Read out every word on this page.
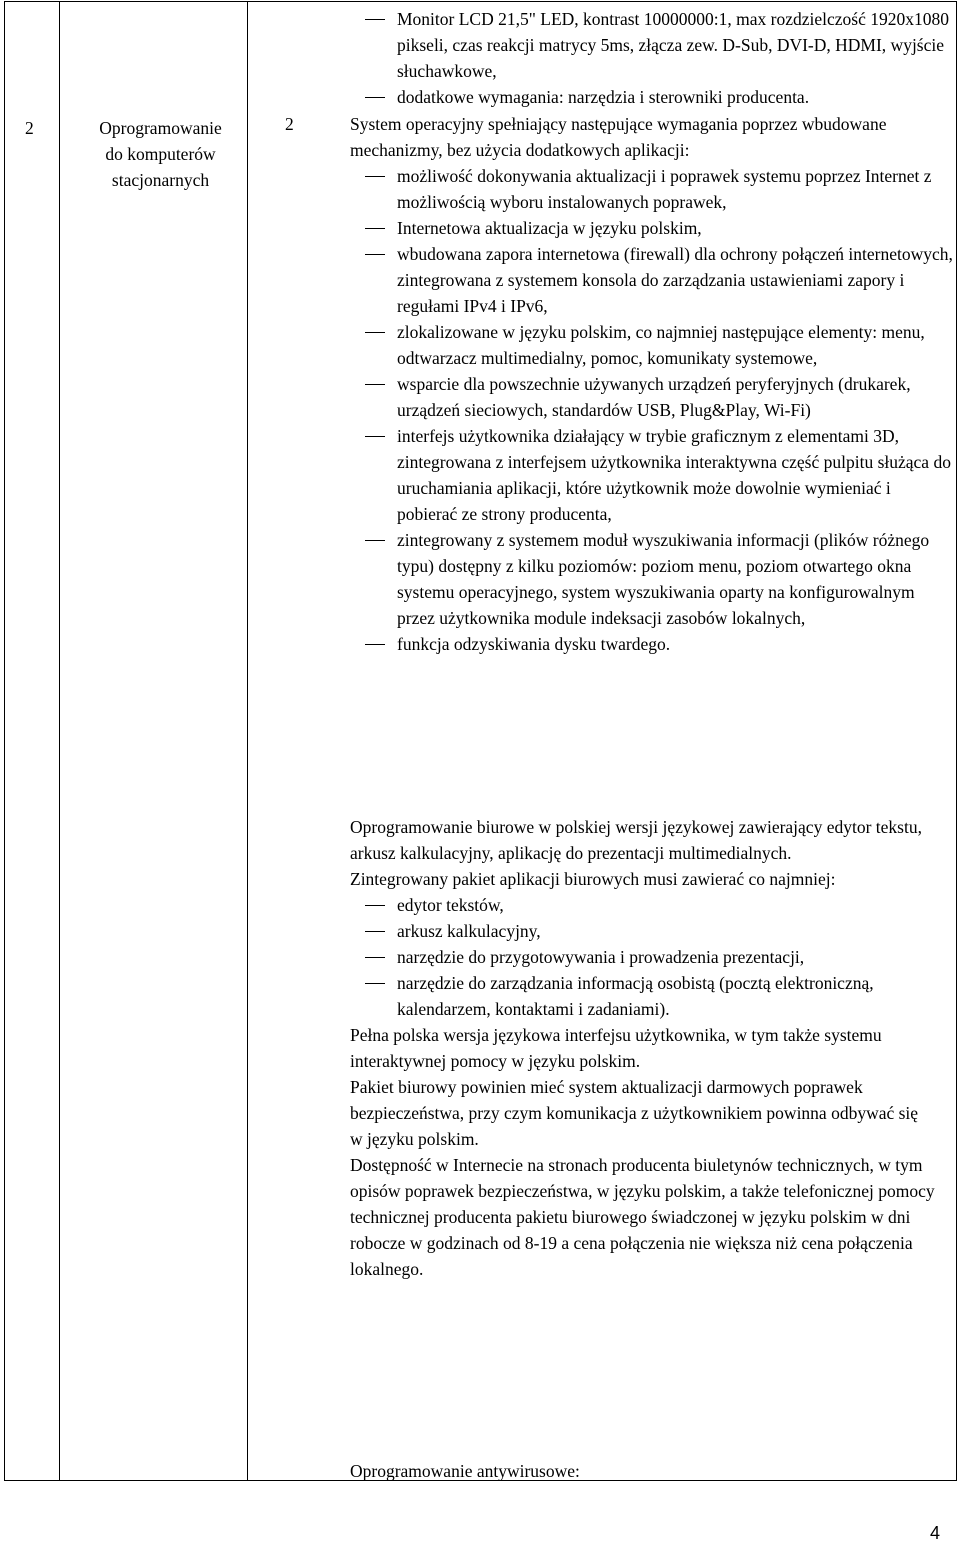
2	Oprogramowanie
do komputerów
stacjonarnych
Monitor LCD 21,5" LED, kontrast 10000000:1, max rozdzielczość 1920x1080 pikseli, czas reakcji matrycy 5ms, złącza zew. D-Sub, DVI-D, HDMI, wyjście słuchawkowe,
dodatkowe wymagania: narzędzia i sterowniki producenta.
2	System operacyjny spełniający następujące wymagania poprzez wbudowane mechanizmy, bez użycia dodatkowych aplikacji:

możliwość dokonywania aktualizacji i poprawek systemu poprzez Internet z możliwością wyboru instalowanych poprawek,
Internetowa aktualizacja w języku polskim,
wbudowana zapora internetowa (firewall) dla ochrony połączeń internetowych, zintegrowana z systemem konsola do zarządzania ustawieniami zapory i regułami IPv4 i IPv6,
zlokalizowane w języku polskim, co najmniej następujące elementy: menu, odtwarzacz multimedialny, pomoc, komunikaty systemowe,
wsparcie dla powszechnie używanych urządzeń peryferyjnych (drukarek, urządzeń sieciowych, standardów USB, Plug&Play, Wi-Fi)
interfejs użytkownika działający w trybie graficznym z elementami 3D, zintegrowana z interfejsem użytkownika interaktywna część pulpitu służąca do uruchamiania aplikacji, które użytkownik może dowolnie wymieniać i pobierać ze strony producenta,
zintegrowany z systemem moduł wyszukiwania informacji (plików różnego typu) dostępny z kilku poziomów: poziom menu, poziom otwartego okna systemu operacyjnego, system wyszukiwania oparty na konfigurowalnym przez użytkownika module indeksacji zasobów lokalnych,
funkcja odzyskiwania dysku twardego.

Oprogramowanie biurowe w polskiej wersji językowej zawierający edytor tekstu, arkusz kalkulacyjny, aplikację do prezentacji multimedialnych.

Zintegrowany pakiet aplikacji biurowych musi zawierać co najmniej:

edytor tekstów,
arkusz kalkulacyjny,
narzędzie do przygotowywania i prowadzenia prezentacji,
narzędzie do zarządzania informacją osobistą (pocztą elektroniczną, kalendarzem, kontaktami i zadaniami).

Pełna polska wersja językowa interfejsu użytkownika, w tym także systemu

interaktywnej pomocy w języku polskim.

Pakiet biurowy powinien mieć system aktualizacji darmowych poprawek

bezpieczeństwa, przy czym komunikacja z użytkownikiem powinna odbywać się

w języku polskim.

Dostępność w Internecie na stronach producenta biuletynów technicznych, w tym opisów poprawek bezpieczeństwa, w języku polskim, a także telefonicznej pomocy technicznej producenta pakietu biurowego świadczonej w języku polskim w dni robocze w godzinach od 8-19 a cena połączenia nie większa niż cena połączenia lokalnego.

Oprogramowanie antywirusowe:

4
